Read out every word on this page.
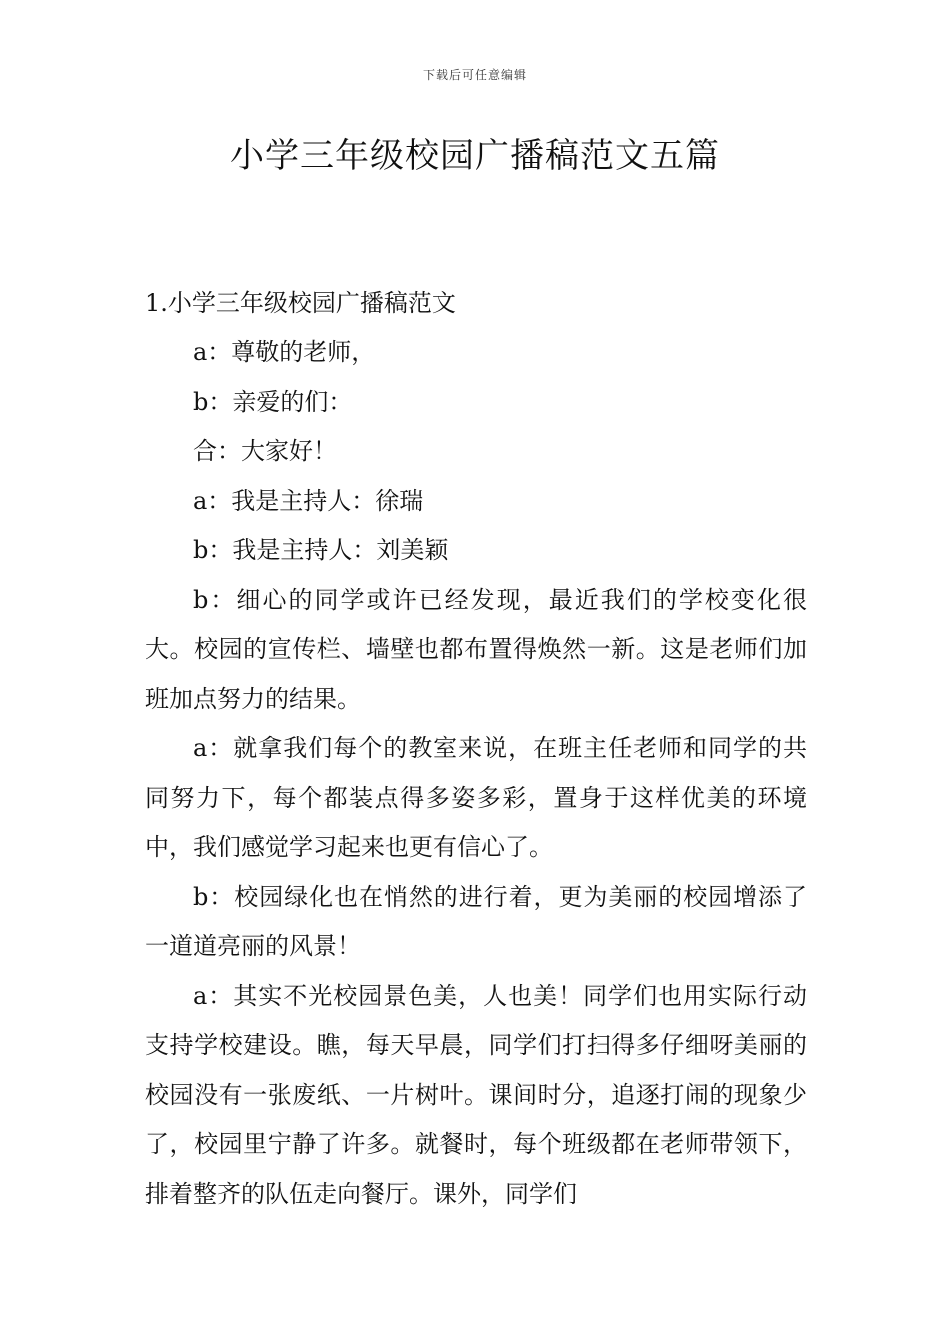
下载后可任意编辑
小学三年级校园广播稿范文五篇

1.小学三年级校园广播稿范文

a：尊敬的老师，

b：亲爱的们：

合：大家好！

a：我是主持人：徐瑞

b：我是主持人：刘美颖

b：细心的同学或许已经发现，最近我们的学校变化很大。校园的宣传栏、墙壁也都布置得焕然一新。这是老师们加班加点努力的结果。

a：就拿我们每个的教室来说，在班主任老师和同学的共同努力下，每个都装点得多姿多彩，置身于这样优美的环境中，我们感觉学习起来也更有信心了。

b：校园绿化也在悄然的进行着，更为美丽的校园增添了一道道亮丽的风景！

a：其实不光校园景色美，人也美！同学们也用实际行动支持学校建设。瞧，每天早晨，同学们打扫得多仔细呀美丽的校园没有一张废纸、一片树叶。课间时分，追逐打闹的现象少了，校园里宁静了许多。就餐时，每个班级都在老师带领下，排着整齐的队伍走向餐厅。课外，同学们
